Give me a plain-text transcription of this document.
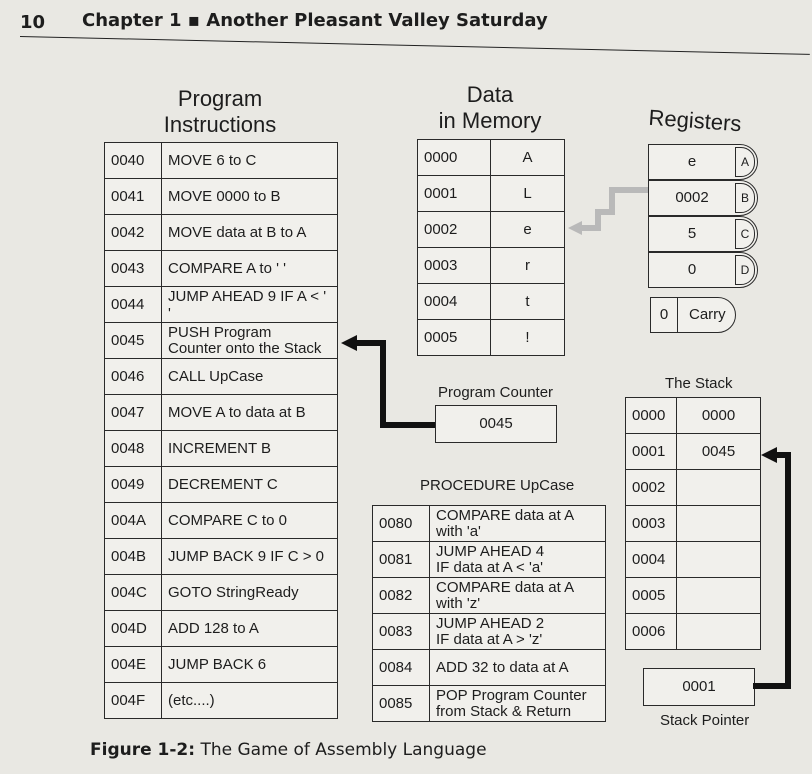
10 Chapter 1 ▪ Another Pleasant Valley Saturday
Program
Instructions
0040	MOVE 6 to C
0041	MOVE 0000 to B
0042	MOVE data at B to A
0043	COMPARE A to ' '
0044	JUMP AHEAD 9 IF A < ' '
0045	PUSH Program
Counter onto the Stack
0046	CALL UpCase
0047	MOVE A to data at B
0048	INCREMENT B
0049	DECREMENT C
004A	COMPARE C to 0
004B	JUMP BACK 9 IF C > 0
004C	GOTO StringReady
004D	ADD 128 to A
004E	JUMP BACK 6
004F	(etc....)
Data
in Memory
0000	A
0001	L
0002	e
0003	r
0004	t
0005	!
Registers
e	A
0002	B
5	C
0	D
0	Carry
Program Counter
0045
PROCEDURE UpCase
0080	COMPARE data at A
with 'a'
0081	JUMP AHEAD 4
IF data at A < 'a'
0082	COMPARE data at A
with 'z'
0083	JUMP AHEAD 2
IF data at A > 'z'
0084	ADD 32 to data at A
0085	POP Program Counter
from Stack & Return
The Stack
0000	0000
0001	0045
0002	
0003	
0004	
0005	
0006	
0001
Stack Pointer
Figure 1-2: The Game of Assembly Language
